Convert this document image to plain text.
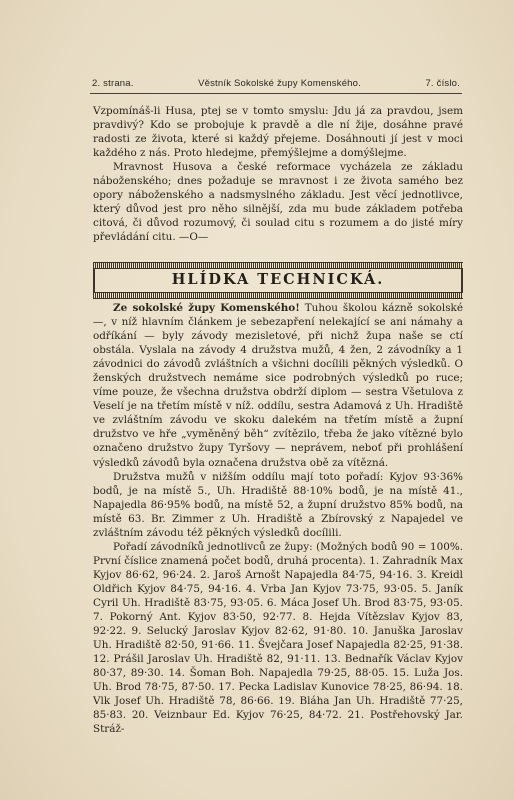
2. strana.	Věstník Sokolské župy Komenského.	7. číslo.

Vzpomínáš-li Husa, ptej se v tomto smyslu: Jdu já za pravdou, jsem pravdivý? Kdo se probojuje k pravdě a dle ní žije, dosáhne pravé radosti ze života, které si každý přejeme. Dosáhnouti jí jest v moci každého z nás. Proto hledejme, přemýšlejme a domýšlejme.

Mravnost Husova a české reformace vycházela ze základu náboženského; dnes požaduje se mravnost i ze života samého bez opory náboženského a nadsmyslného základu. Jest věcí jednotlivce, který důvod jest pro něho silnější, zda mu bude základem potřeba citová, či důvod rozumový, či soulad citu s rozumem a do jisté míry převládání citu. —O—

HLÍDKA TECHNICKÁ.

Ze sokolské župy Komenského! Tuhou školou kázně sokolské —, v níž hlavním článkem je sebezapření nelekající se ani námahy a odříkání — byly závody mezisletové, při nichž župa naše se ctí obstála. Vyslala na závody 4 družstva mužů, 4 žen, 2 závodníky a 1 závodnici do závodů zvláštních a všichni docílili pěkných výsledků. O ženských družstvech nemáme sice podrobných výsledků po ruce; víme pouze, že všechna družstva obdrží diplom — sestra Všetulova z Veselí je na třetím místě v níž. oddílu, sestra Adamová z Uh. Hradiště ve zvláštním závodu ve skoku dalekém na třetím místě a župní družstvo ve hře „vyměněný běh“ zvítězilo, třeba že jako vítězné bylo označeno družstvo župy Tyršovy — neprávem, neboť při prohlášení výsledků závodů byla označena družstva obě za vítězná.

Družstva mužů v nižším oddílu mají toto pořadí: Kyjov 93·36% bodů, je na místě 5., Uh. Hradiště 88·10% bodů, je na místě 41., Napajedla 86·95% bodů, na místě 52, a župní družstvo 85% bodů, na místě 63. Br. Zimmer z Uh. Hradiště a Zbírovský z Napajedel ve zvláštním závodu též pěkných výsledků docílili.

Pořadí závodníků jednotlivců ze župy: (Možných bodů 90 = 100%. První číslice znamená počet bodů, druhá procenta). 1. Zahradník Max Kyjov 86·62, 96·24. 2. Jaroš Arnošt Napajedla 84·75, 94·16. 3. Kreidl Oldřich Kyjov 84·75, 94·16. 4. Vrba Jan Kyjov 73·75, 93·05. 5. Janík Cyril Uh. Hradiště 83·75, 93·05. 6. Máca Josef Uh. Brod 83·75, 93·05. 7. Pokorný Ant. Kyjov 83·50, 92·77. 8. Hejda Vítězslav Kyjov 83, 92·22. 9. Selucký Jaroslav Kyjov 82·62, 91·80. 10. Januška Jaroslav Uh. Hradiště 82·50, 91·66. 11. Švejčara Josef Napajedla 82·25, 91·38. 12. Prášil Jaroslav Uh. Hradiště 82, 91·11. 13. Bednařík Václav Kyjov 80·37, 89·30. 14. Šoman Boh. Napajedla 79·25, 88·05. 15. Luža Jos. Uh. Brod 78·75, 87·50. 17. Pecka Ladislav Kunovice 78·25, 86·94. 18. Vlk Josef Uh. Hradiště 78, 86·66. 19. Bláha Jan Uh. Hradiště 77·25, 85·83. 20. Veiznbaur Ed. Kyjov 76·25, 84·72. 21. Postřehovský Jar. Stráž-
